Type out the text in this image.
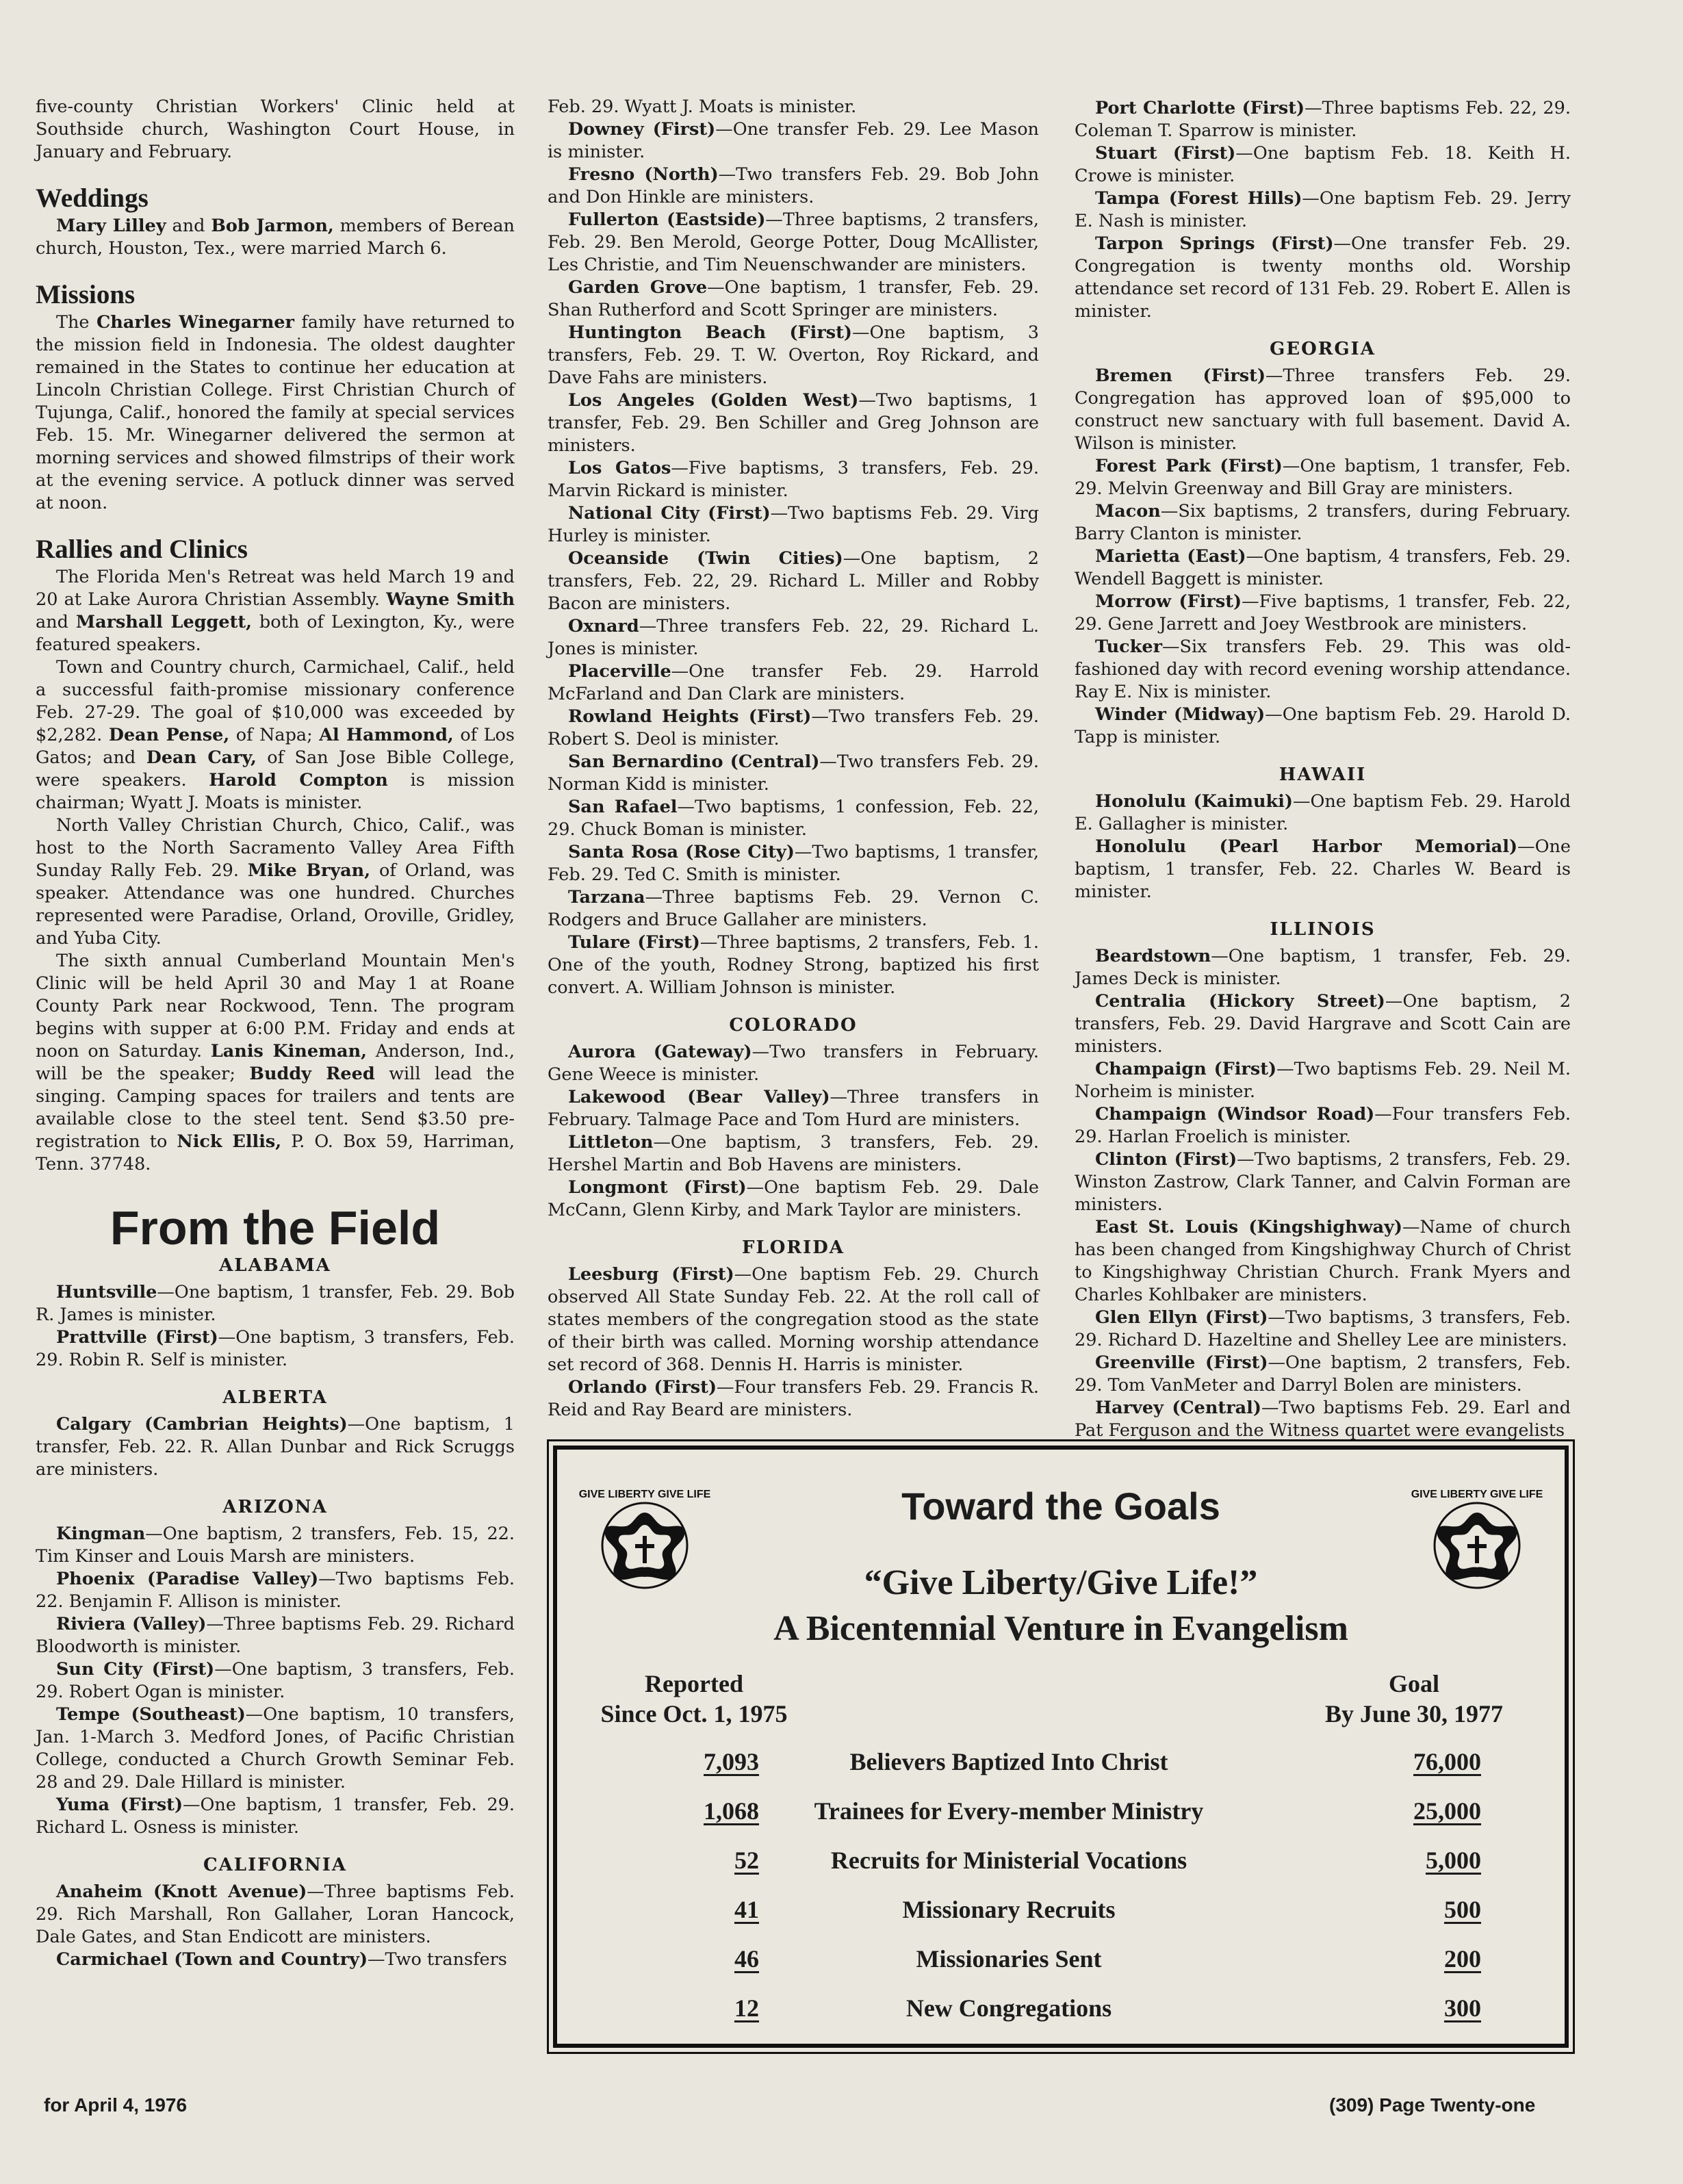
five-county Christian Workers' Clinic held at Southside church, Washington Court House, in January and February.

Weddings

Mary Lilley and Bob Jarmon, members of Berean church, Houston, Tex., were married March 6.

Missions

The Charles Winegarner family have returned to the mission field in Indonesia. The oldest daughter remained in the States to continue her education at Lincoln Christian College. First Christian Church of Tujunga, Calif., honored the family at special services Feb. 15. Mr. Winegarner delivered the sermon at morning services and showed filmstrips of their work at the evening service. A potluck dinner was served at noon.

Rallies and Clinics

The Florida Men's Retreat was held March 19 and 20 at Lake Aurora Christian Assembly. Wayne Smith and Marshall Leggett, both of Lexington, Ky., were featured speakers.

Town and Country church, Carmichael, Calif., held a successful faith-promise missionary conference Feb. 27-29. The goal of $10,000 was exceeded by $2,282. Dean Pense, of Napa; Al Hammond, of Los Gatos; and Dean Cary, of San Jose Bible College, were speakers. Harold Compton is mission chairman; Wyatt J. Moats is minister.

North Valley Christian Church, Chico, Calif., was host to the North Sacramento Valley Area Fifth Sunday Rally Feb. 29. Mike Bryan, of Orland, was speaker. Attendance was one hundred. Churches represented were Paradise, Orland, Oroville, Gridley, and Yuba City.

The sixth annual Cumberland Mountain Men's Clinic will be held April 30 and May 1 at Roane County Park near Rockwood, Tenn. The program begins with supper at 6:00 P.M. Friday and ends at noon on Saturday. Lanis Kineman, Anderson, Ind., will be the speaker; Buddy Reed will lead the singing. Camping spaces for trailers and tents are available close to the steel tent. Send $3.50 pre-registration to Nick Ellis, P. O. Box 59, Harriman, Tenn. 37748.

From the Field
ALABAMA

Huntsville—One baptism, 1 transfer, Feb. 29. Bob R. James is minister.

Prattville (First)—One baptism, 3 transfers, Feb. 29. Robin R. Self is minister.

ALBERTA

Calgary (Cambrian Heights)—One baptism, 1 transfer, Feb. 22. R. Allan Dunbar and Rick Scruggs are ministers.

ARIZONA

Kingman—One baptism, 2 transfers, Feb. 15, 22. Tim Kinser and Louis Marsh are ministers.

Phoenix (Paradise Valley)—Two baptisms Feb. 22. Benjamin F. Allison is minister.

Riviera (Valley)—Three baptisms Feb. 29. Richard Bloodworth is minister.

Sun City (First)—One baptism, 3 transfers, Feb. 29. Robert Ogan is minister.

Tempe (Southeast)—One baptism, 10 transfers, Jan. 1-March 3. Medford Jones, of Pacific Christian College, conducted a Church Growth Seminar Feb. 28 and 29. Dale Hillard is minister.

Yuma (First)—One baptism, 1 transfer, Feb. 29. Richard L. Osness is minister.

CALIFORNIA

Anaheim (Knott Avenue)—Three baptisms Feb. 29. Rich Marshall, Ron Gallaher, Loran Hancock, Dale Gates, and Stan Endicott are ministers.

Carmichael (Town and Country)—Two transfers

Feb. 29. Wyatt J. Moats is minister.

Downey (First)—One transfer Feb. 29. Lee Mason is minister.

Fresno (North)—Two transfers Feb. 29. Bob John and Don Hinkle are ministers.

Fullerton (Eastside)—Three baptisms, 2 transfers, Feb. 29. Ben Merold, George Potter, Doug McAllister, Les Christie, and Tim Neuenschwander are ministers.

Garden Grove—One baptism, 1 transfer, Feb. 29. Shan Rutherford and Scott Springer are ministers.

Huntington Beach (First)—One baptism, 3 transfers, Feb. 29. T. W. Overton, Roy Rickard, and Dave Fahs are ministers.

Los Angeles (Golden West)—Two baptisms, 1 transfer, Feb. 29. Ben Schiller and Greg Johnson are ministers.

Los Gatos—Five baptisms, 3 transfers, Feb. 29. Marvin Rickard is minister.

National City (First)—Two baptisms Feb. 29. Virg Hurley is minister.

Oceanside (Twin Cities)—One baptism, 2 transfers, Feb. 22, 29. Richard L. Miller and Robby Bacon are ministers.

Oxnard—Three transfers Feb. 22, 29. Richard L. Jones is minister.

Placerville—One transfer Feb. 29. Harrold McFarland and Dan Clark are ministers.

Rowland Heights (First)—Two transfers Feb. 29. Robert S. Deol is minister.

San Bernardino (Central)—Two transfers Feb. 29. Norman Kidd is minister.

San Rafael—Two baptisms, 1 confession, Feb. 22, 29. Chuck Boman is minister.

Santa Rosa (Rose City)—Two baptisms, 1 transfer, Feb. 29. Ted C. Smith is minister.

Tarzana—Three baptisms Feb. 29. Vernon C. Rodgers and Bruce Gallaher are ministers.

Tulare (First)—Three baptisms, 2 transfers, Feb. 1. One of the youth, Rodney Strong, baptized his first convert. A. William Johnson is minister.

COLORADO

Aurora (Gateway)—Two transfers in February. Gene Weece is minister.

Lakewood (Bear Valley)—Three transfers in February. Talmage Pace and Tom Hurd are ministers.

Littleton—One baptism, 3 transfers, Feb. 29. Hershel Martin and Bob Havens are ministers.

Longmont (First)—One baptism Feb. 29. Dale McCann, Glenn Kirby, and Mark Taylor are ministers.

FLORIDA

Leesburg (First)—One baptism Feb. 29. Church observed All State Sunday Feb. 22. At the roll call of states members of the congregation stood as the state of their birth was called. Morning worship attendance set record of 368. Dennis H. Harris is minister.

Orlando (First)—Four transfers Feb. 29. Francis R. Reid and Ray Beard are ministers.

Port Charlotte (First)—Three baptisms Feb. 22, 29. Coleman T. Sparrow is minister.

Stuart (First)—One baptism Feb. 18. Keith H. Crowe is minister.

Tampa (Forest Hills)—One baptism Feb. 29. Jerry E. Nash is minister.

Tarpon Springs (First)—One transfer Feb. 29. Congregation is twenty months old. Worship attendance set record of 131 Feb. 29. Robert E. Allen is minister.

GEORGIA

Bremen (First)—Three transfers Feb. 29. Congregation has approved loan of $95,000 to construct new sanctuary with full basement. David A. Wilson is minister.

Forest Park (First)—One baptism, 1 transfer, Feb. 29. Melvin Greenway and Bill Gray are ministers.

Macon—Six baptisms, 2 transfers, during February. Barry Clanton is minister.

Marietta (East)—One baptism, 4 transfers, Feb. 29. Wendell Baggett is minister.

Morrow (First)—Five baptisms, 1 transfer, Feb. 22, 29. Gene Jarrett and Joey Westbrook are ministers.

Tucker—Six transfers Feb. 29. This was old-fashioned day with record evening worship attendance. Ray E. Nix is minister.

Winder (Midway)—One baptism Feb. 29. Harold D. Tapp is minister.

HAWAII

Honolulu (Kaimuki)—One baptism Feb. 29. Harold E. Gallagher is minister.

Honolulu (Pearl Harbor Memorial)—One baptism, 1 transfer, Feb. 22. Charles W. Beard is minister.

ILLINOIS

Beardstown—One baptism, 1 transfer, Feb. 29. James Deck is minister.

Centralia (Hickory Street)—One baptism, 2 transfers, Feb. 29. David Hargrave and Scott Cain are ministers.

Champaign (First)—Two baptisms Feb. 29. Neil M. Norheim is minister.

Champaign (Windsor Road)—Four transfers Feb. 29. Harlan Froelich is minister.

Clinton (First)—Two baptisms, 2 transfers, Feb. 29. Winston Zastrow, Clark Tanner, and Calvin Forman are ministers.

East St. Louis (Kingshighway)—Name of church has been changed from Kingshighway Church of Christ to Kingshighway Christian Church. Frank Myers and Charles Kohlbaker are ministers.

Glen Ellyn (First)—Two baptisms, 3 transfers, Feb. 29. Richard D. Hazeltine and Shelley Lee are ministers.

Greenville (First)—One baptism, 2 transfers, Feb. 29. Tom VanMeter and Darryl Bolen are ministers.

Harvey (Central)—Two baptisms Feb. 29. Earl and Pat Ferguson and the Witness quartet were evangelists

GIVE LIBERTY GIVE LIFE	Toward the Goals	GIVE LIBERTY GIVE LIFE
“Give Liberty/Give Life!”
A Bicentennial Venture in Evangelism
Reported
Since Oct. 1, 1975
Goal
By June 30, 1977
7,093	Believers Baptized Into Christ	76,000
1,068	Trainees for Every-member Ministry	25,000
52	Recruits for Ministerial Vocations	5,000
41	Missionary Recruits	500
46	Missionaries Sent	200
12	New Congregations	300
for April 4, 1976	(309) Page Twenty-one
